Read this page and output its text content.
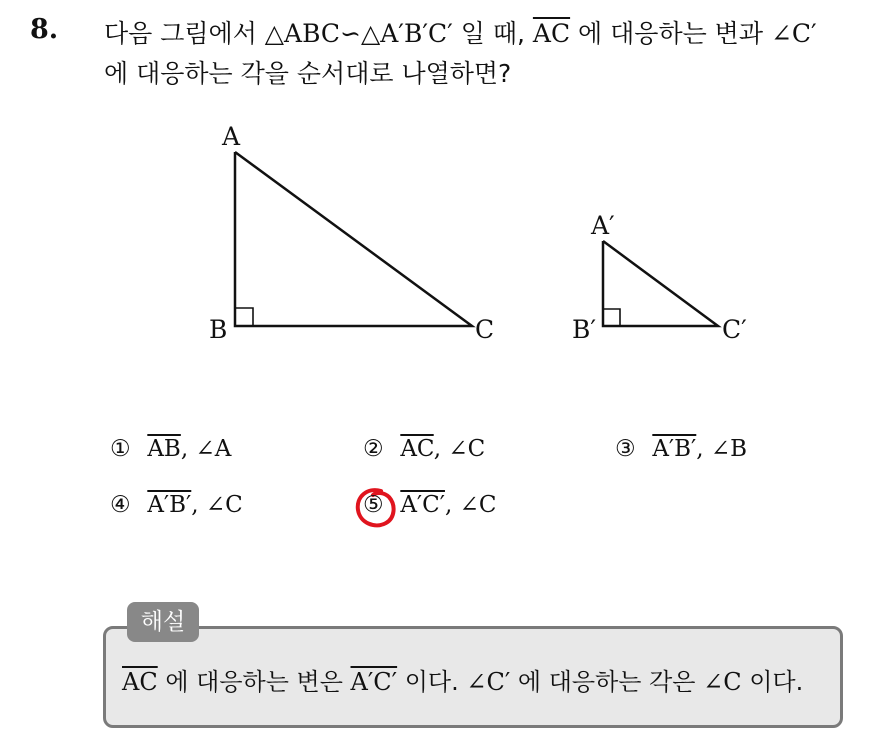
8. 다음 그림에서 △ABC∽△A′B′C′ 일 때, $\overline{AC}$ 에 대응하는 변과 ∠C′
에 대응하는 각을 순서대로 나열하면?
A
B	C
A′
B′	C′
① $\overline{AB}$, ∠A	② $\overline{AC}$, ∠C	③ A′B′, ∠B
④ A′B′, ∠C	⑤ A′C′, ∠C
해설
$\overline{AC}$ 에 대응하는 변은 A′C′ 이다. ∠C′ 에 대응하는 각은 ∠C 이다.
